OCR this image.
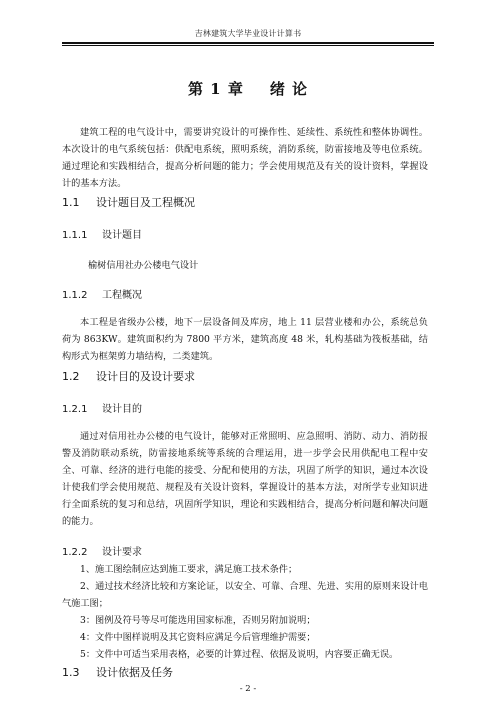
吉林建筑大学毕业设计计算书
第 1 章 绪 论

建筑工程的电气设计中，需要讲究设计的可操作性、延续性、系统性和整体协调性。本次设计的电气系统包括：供配电系统，照明系统，消防系统，防雷接地及等电位系统。通过理论和实践相结合，提高分析问题的能力；学会使用规范及有关的设计资料，掌握设计的基本方法。

1.1 设计题目及工程概况
1.1.1 设计题目
榆树信用社办公楼电气设计
1.1.2 工程概况

本工程是省级办公楼，地下一层设备间及库房，地上 11 层营业楼和办公，系统总负荷为 863KW。建筑面积约为 7800 平方米，建筑高度 48 米，轧构基础为筏板基础，结构形式为框架剪力墙结构，二类建筑。

1.2 设计目的及设计要求
1.2.1 设计目的

通过对信用社办公楼的电气设计，能够对正常照明、应急照明、消防、动力、消防报警及消防联动系统，防雷接地系统等系统的合理运用，进一步学会民用供配电工程中安全、可靠、经济的进行电能的接受、分配和使用的方法，巩固了所学的知识，通过本次设计使我们学会使用规范、规程及有关设计资料，掌握设计的基本方法，对所学专业知识进行全面系统的复习和总结，巩固所学知识，理论和实践相结合，提高分析问题和解决问题的能力。

1.2.2 设计要求
1、施工图绘制应达到施工要求，满足施工技术条件；
2、通过技术经济比较和方案论证，以安全、可靠、合理、先进、实用的原则来设计电气施工图；
3：图例及符号等尽可能选用国家标准，否则另附加说明；
4：文件中图样说明及其它资料应满足今后管理维护需要；
5：文件中可适当采用表格，必要的计算过程、依据及说明，内容要正确无误。
1.3 设计依据及任务
- 2 -
